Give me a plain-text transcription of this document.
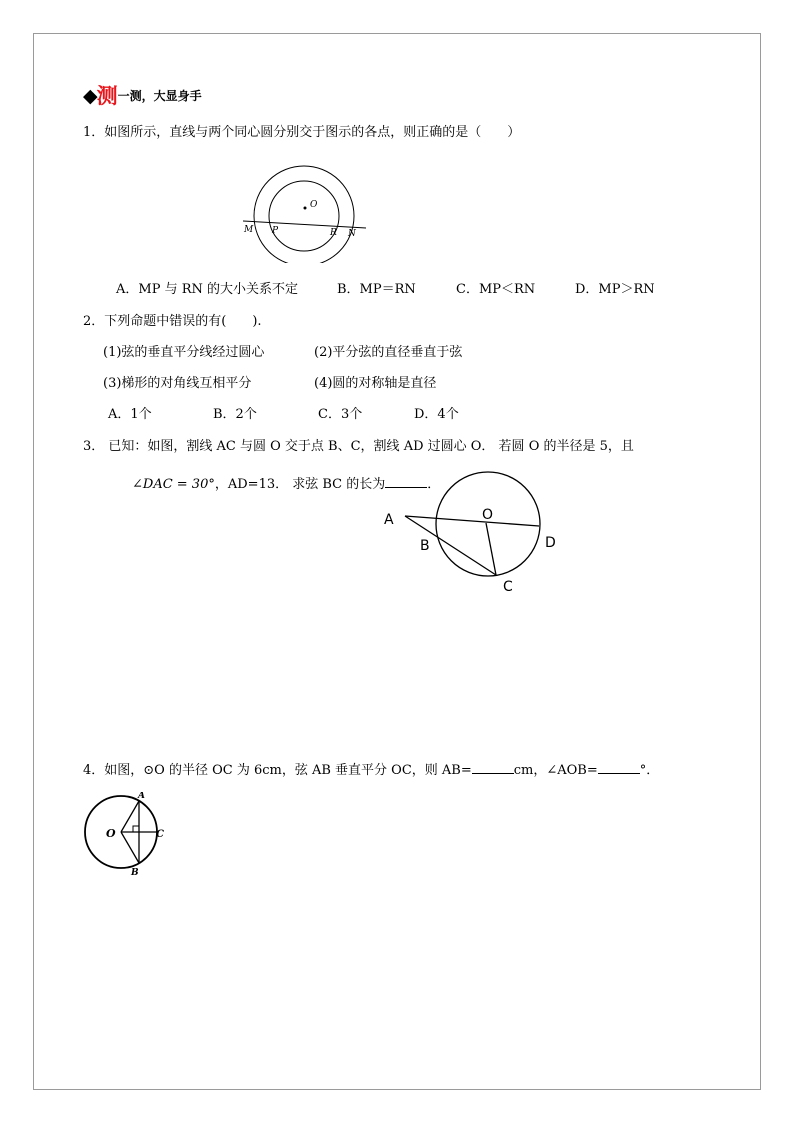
◆测一测，大显身手
1．如图所示，直线与两个同心圆分别交于图示的各点，则正确的是（　　）
O
M P	R N
A．MP 与 RN 的大小关系不定	B．MP＝RN	C．MP＜RN	D．MP＞RN
2．下列命题中错误的有(　　).
(1)弦的垂直平分线经过圆心	(2)平分弦的直径垂直于弦
(3)梯形的对角线互相平分	(4)圆的对称轴是直径
A．1个	B．2个	C．3个	D．4个
3． 已知：如图，割线 AC 与圆 O 交于点 B、C，割线 AD 过圆心 O． 若圆 O 的半径是 5，且
∠DAC = 30°，AD=13． 求弦 BC 的长为	．
A
B
O
D
C
4．如图，⊙O 的半径 OC 为 6cm，弦 AB 垂直平分 OC，则 AB=	cm，∠AOB=	°．
O
A
C
B
